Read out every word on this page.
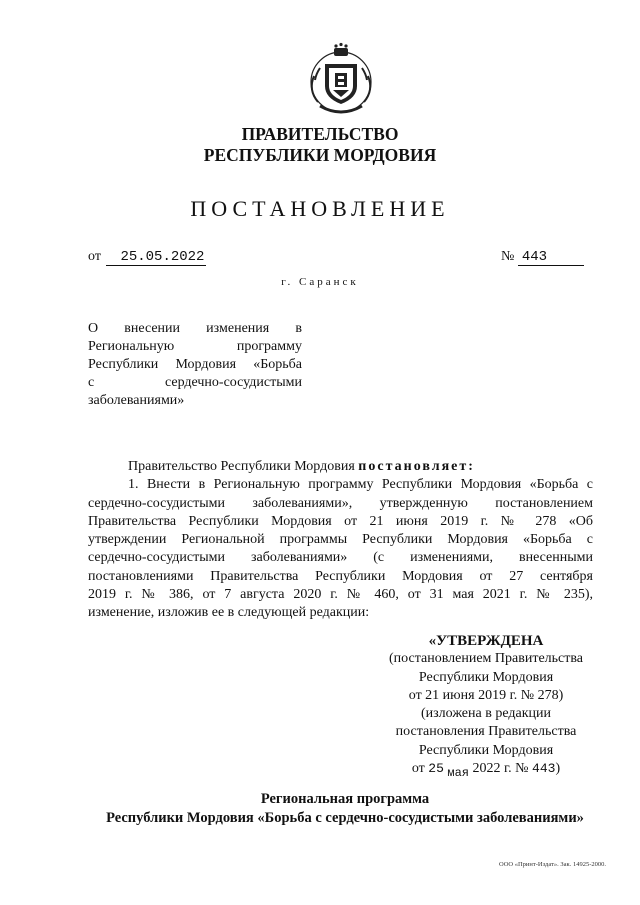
ПРАВИТЕЛЬСТВО
РЕСПУБЛИКИ МОРДОВИЯ
ПОСТАНОВЛЕНИЕ
от 25.05.2022	№ 443
г. Саранск
О внесении изменения в
Региональную программу
Республики Мордовия «Борьба
с сердечно-сосудистыми
заболеваниями»
Правительство Республики Мордовия постановляет:
1. Внести в Региональную программу Республики Мордовия «Борьба с
сердечно-сосудистыми заболеваниями», утвержденную постановлением
Правительства Республики Мордовия от 21 июня 2019 г. № 278 «Об
утверждении Региональной программы Республики Мордовия «Борьба с
сердечно-сосудистыми заболеваниями» (с изменениями, внесенными
постановлениями Правительства Республики Мордовия от 27 сентября
2019 г. № 386, от 7 августа 2020 г. № 460, от 31 мая 2021 г. № 235),
изменение, изложив ее в следующей редакции:
«УТВЕРЖДЕНА
(постановлением Правительства
Республики Мордовия
от 21 июня 2019 г. № 278)
(изложена в редакции
постановления Правительства
Республики Мордовия
от 25 мая 2022 г. № 443)
Региональная программа
Республики Мордовия «Борьба с сердечно-сосудистыми заболеваниями»
ООО «Принт-Издат». Зак. 14925-2000.
